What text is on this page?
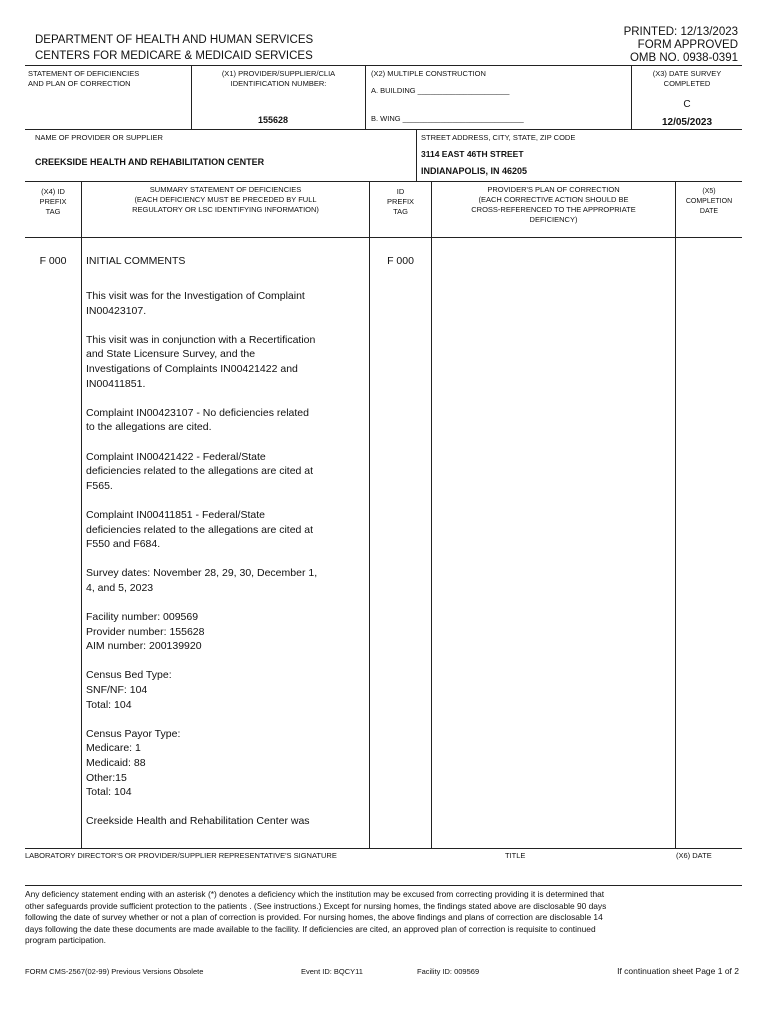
DEPARTMENT OF HEALTH AND HUMAN SERVICES
CENTERS FOR MEDICARE & MEDICAID SERVICES
PRINTED: 12/13/2023
FORM APPROVED
OMB NO. 0938-0391
STATEMENT OF DEFICIENCIES
AND PLAN OF CORRECTION
(X1) PROVIDER/SUPPLIER/CLIA
IDENTIFICATION NUMBER:
155628
(X2) MULTIPLE CONSTRUCTION
A. BUILDING ______________________
B. WING _____________________________
(X3) DATE SURVEY
COMPLETED
C
12/05/2023
NAME OF PROVIDER OR SUPPLIER
CREEKSIDE HEALTH AND REHABILITATION CENTER
STREET ADDRESS, CITY, STATE, ZIP CODE
3114 EAST 46TH STREET
INDIANAPOLIS, IN 46205
(X4) ID
PREFIX
TAG
SUMMARY STATEMENT OF DEFICIENCIES
(EACH DEFICIENCY MUST BE PRECEDED BY FULL
REGULATORY OR LSC IDENTIFYING INFORMATION)
ID
PREFIX
TAG
PROVIDER'S PLAN OF CORRECTION
(EACH CORRECTIVE ACTION SHOULD BE
CROSS-REFERENCED TO THE APPROPRIATE
DEFICIENCY)
(X5)
COMPLETION
DATE
F 000	F 000
INITIAL COMMENTS

This visit was for the Investigation of Complaint
IN00423107.

This visit was in conjunction with a Recertification
and State Licensure Survey, and the
Investigations of Complaints IN00421422 and
IN00411851.

Complaint IN00423107 - No deficiencies related
to the allegations are cited.

Complaint IN00421422 - Federal/State
deficiencies related to the allegations are cited at
F565.

Complaint IN00411851 - Federal/State
deficiencies related to the allegations are cited at
F550 and F684.

Survey dates: November 28, 29, 30, December 1,
4, and 5, 2023

Facility number: 009569
Provider number: 155628
AIM number: 200139920

Census Bed Type:
SNF/NF: 104
Total: 104

Census Payor Type:
Medicare: 1
Medicaid: 88
Other:15
Total: 104

Creekside Health and Rehabilitation Center was

LABORATORY DIRECTOR'S OR PROVIDER/SUPPLIER REPRESENTATIVE'S SIGNATURE	TITLE	(X6) DATE
Any deficiency statement ending with an asterisk (*) denotes a deficiency which the institution may be excused from correcting providing it is determined that
other safeguards provide sufficient protection to the patients . (See instructions.) Except for nursing homes, the findings stated above are disclosable 90 days
following the date of survey whether or not a plan of correction is provided. For nursing homes, the above findings and plans of correction are disclosable 14
days following the date these documents are made available to the facility. If deficiencies are cited, an approved plan of correction is requisite to continued
program participation.
FORM CMS-2567(02-99) Previous Versions Obsolete	Event ID: BQCY11	Facility ID: 009569	If continuation sheet Page 1 of 2
